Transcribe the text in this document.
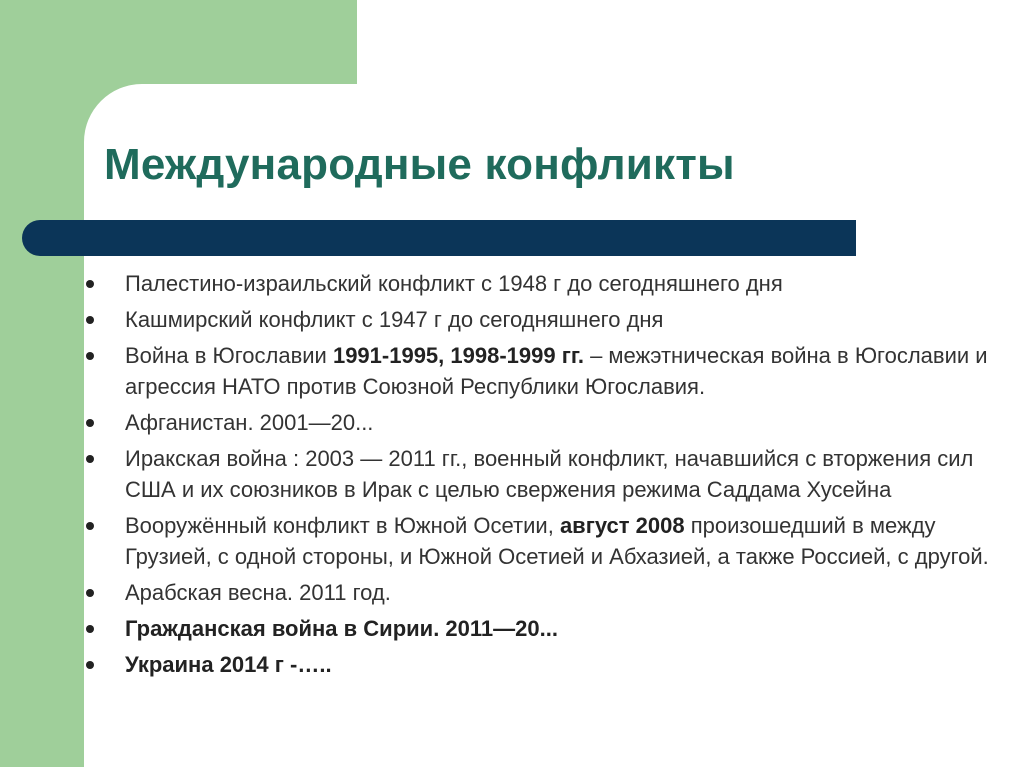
Международные конфликты
Палестино-израильский конфликт с 1948 г до сегодняшнего дня
Кашмирский конфликт с 1947 г до сегодняшнего дня
Война в Югославии 1991-1995, 1998-1999 гг. – межэтническая война в Югославии и агрессия НАТО против Союзной Республики Югославия.
Афганистан. 2001—20...
Иракская война : 2003 — 2011 гг., военный конфликт, начавшийся с вторжения сил США и их союзников в Ирак с целью свержения режима Саддама Хусейна
Вооружённый конфликт в Южной Осетии, август 2008 произошедший в между Грузией, с одной стороны, и Южной Осетией и Абхазией, а также Россией, с другой.
Арабская весна. 2011 год.
Гражданская война в Сирии. 2011—20...
Украина 2014 г -…..
